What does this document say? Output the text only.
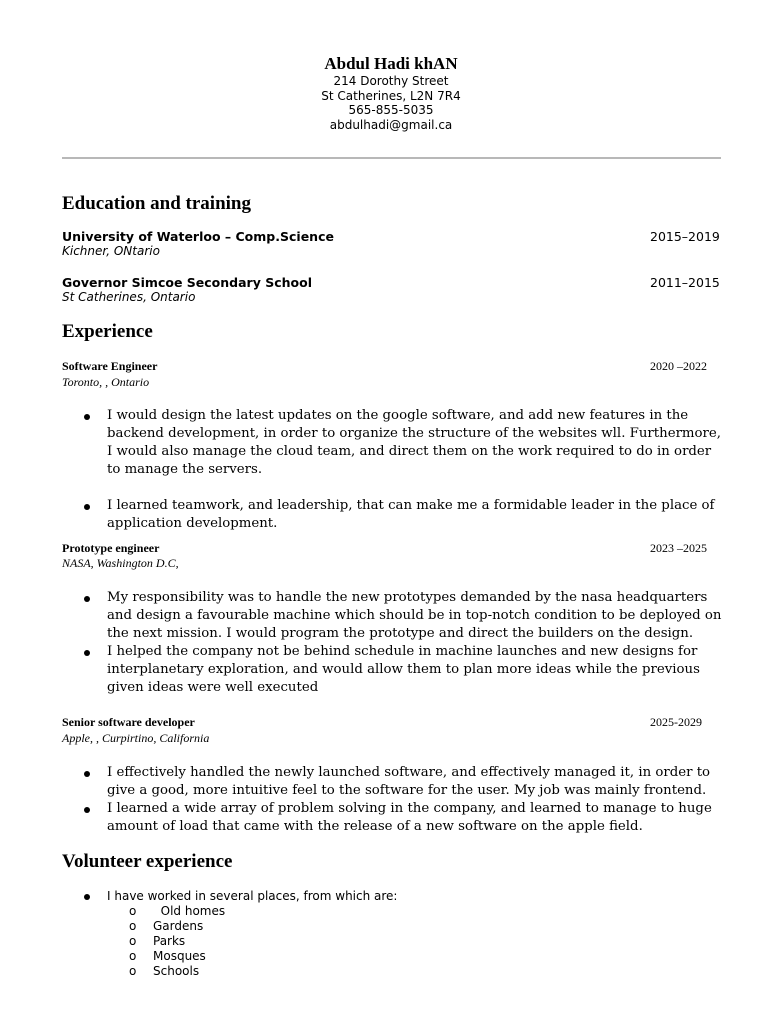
Abdul Hadi khAN
214 Dorothy Street
St Catherines, L2N 7R4
565-855-5035
abdulhadi@gmail.ca
Education and training
University of Waterloo – Comp.Science	2015–2019
Kichner, ONtario
Governor Simcoe Secondary School	2011–2015
St Catherines, Ontario
Experience
Software Engineer	2020 –2022
Toronto, , Ontario
I would design the latest updates on the google software, and add new features in the backend development, in order to organize the structure of the websites wll. Furthermore, I would also manage the cloud team, and direct them on the work required to do in order to manage the servers.
I learned teamwork, and leadership, that can make me a formidable leader in the place of application development.
Prototype engineer	2023 –2025
NASA, Washington D.C,
My responsibility was to handle the new prototypes demanded by the nasa headquarters and design a favourable machine which should be in top-notch condition to be deployed on the next mission. I would program the prototype and direct the builders on the design.
I helped the company not be behind schedule in machine launches and new designs for interplanetary exploration, and would allow them to plan more ideas while the previous given ideas were well executed
Senior software developer	2025-2029
Apple, , Curpirtino, California
I effectively handled the newly launched software, and effectively managed it, in order to give a good, more intuitive feel to the software for the user. My job was mainly frontend.
I learned a wide array of problem solving in the company, and learned to manage to huge amount of load that came with the release of a new software on the apple field.
Volunteer experience
I have worked in several places, from which are:
o Old homes
o Gardens
o Parks
o Mosques
o Schools
